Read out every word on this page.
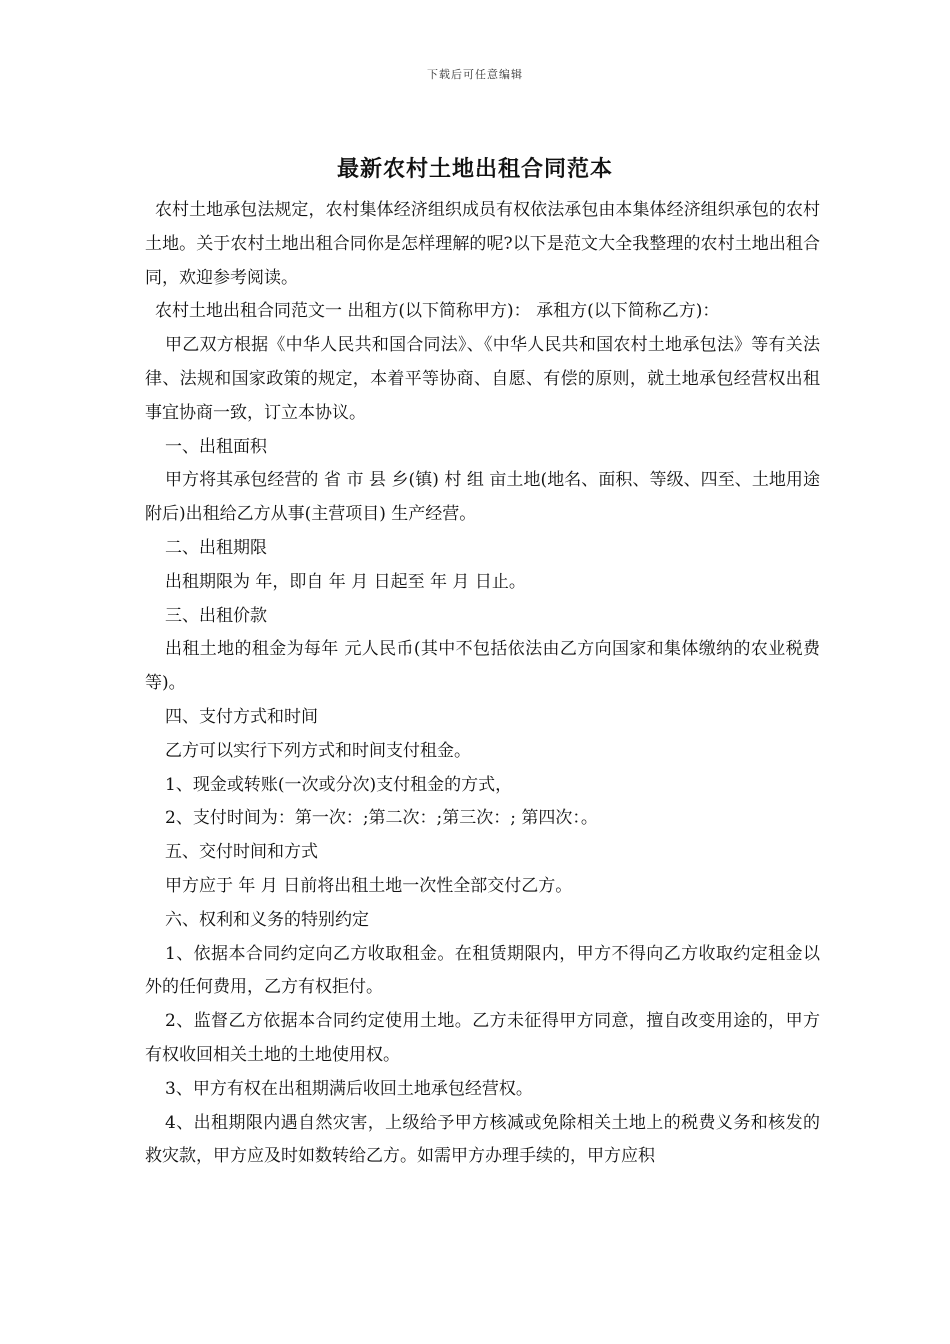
下载后可任意编辑
最新农村土地出租合同范本

农村土地承包法规定，农村集体经济组织成员有权依法承包由本集体经济组织承包的农村土地。关于农村土地出租合同你是怎样理解的呢?以下是范文大全我整理的农村土地出租合同，欢迎参考阅读。

农村土地出租合同范文一 出租方(以下简称甲方)： 承租方(以下简称乙方)：

甲乙双方根据《中华人民共和国合同法》、《中华人民共和国农村土地承包法》等有关法律、法规和国家政策的规定，本着平等协商、自愿、有偿的原则，就土地承包经营权出租事宜协商一致，订立本协议。

一、出租面积

甲方将其承包经营的 省 市 县 乡(镇) 村 组 亩土地(地名、面积、等级、四至、土地用途附后)出租给乙方从事(主营项目) 生产经营。

二、出租期限

出租期限为 年，即自 年 月 日起至 年 月 日止。

三、出租价款

出租土地的租金为每年 元人民币(其中不包括依法由乙方向国家和集体缴纳的农业税费等)。

四、支付方式和时间

乙方可以实行下列方式和时间支付租金。

1、现金或转账(一次或分次)支付租金的方式，

2、支付时间为：第一次：;第二次：;第三次：; 第四次：。

五、交付时间和方式

甲方应于 年 月 日前将出租土地一次性全部交付乙方。

六、权利和义务的特别约定

1、依据本合同约定向乙方收取租金。在租赁期限内，甲方不得向乙方收取约定租金以外的任何费用，乙方有权拒付。

2、监督乙方依据本合同约定使用土地。乙方未征得甲方同意，擅自改变用途的，甲方有权收回相关土地的土地使用权。

3、甲方有权在出租期满后收回土地承包经营权。

4、出租期限内遇自然灾害，上级给予甲方核减或免除相关土地上的税费义务和核发的救灾款，甲方应及时如数转给乙方。如需甲方办理手续的，甲方应积
